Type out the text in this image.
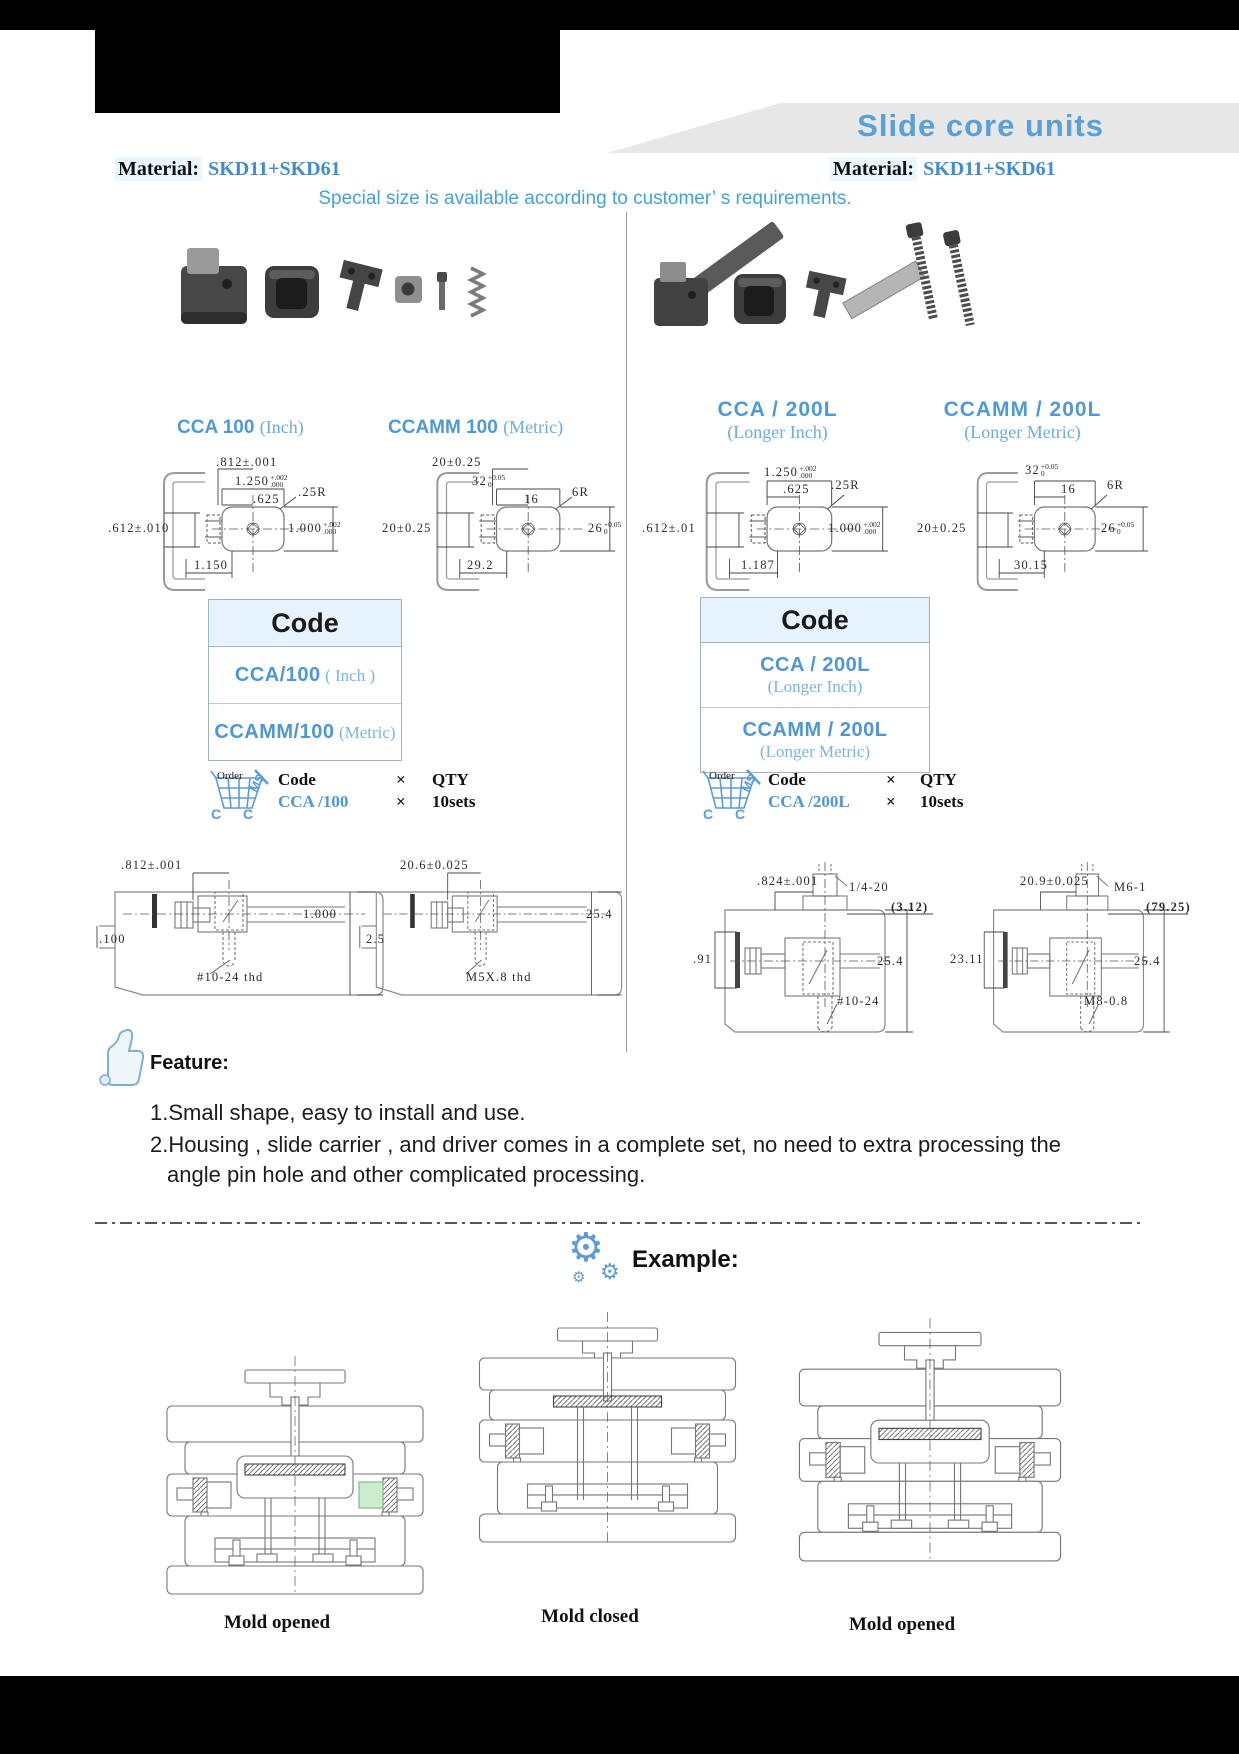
Slide core units
Material: SKD11+SKD61	Material: SKD11+SKD61
Special size is available according to customer’ s requirements.
CCA 100 (Inch)	CCAMM 100 (Metric)
CCA / 200L
(Longer Inch)
CCAMM / 200L
(Longer Metric)
.812±.001
1.250 +.002
.000
.625 .25R
.612±.010	1.000 +.002
.000
1.150
20±0.25
32 +0.05
0
16	6R
20±0.25	26 +0.05
0
29.2
1.250 +.002
.000
.625 .25R
.612±.01	1.000 +.002
.000
1.187
32 +0.05
0
16 6R
20±0.25	26 +0.05
0
30.15
Code
CCA/100 ( Inch )
CCAMM/100 (Metric)
Code
CCA / 200L
(Longer Inch)
CCAMM / 200L
(Longer Metric)
Order MS
C C
Code	× QTY
CCA /100	× 10sets
Order MS
C C
Code	× QTY
CCA /200L × 10sets
.812±.001
1.000
.100
#10-24 thd
20.6±0.025
25.4
2.5
M5X.8 thd
.824±.001 1/4-20
(3.12)
.91	25.4
#10-24
20.9±0.025 M6-1
(79.25)
23.11	25.4
M8-0.8
Feature:
1.Small shape, easy to install and use.
2.Housing , slide carrier , and driver comes in a complete set, no need to extra processing the
angle pin hole and other complicated processing.
⚙
⚙
⚙
Example:
Mold opened	Mold closed	Mold opened
